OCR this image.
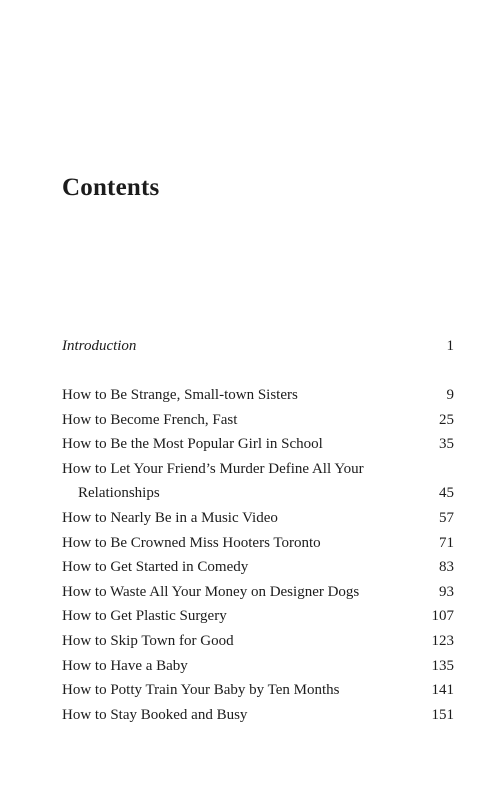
Contents
Introduction	1
How to Be Strange, Small-town Sisters	9
How to Become French, Fast	25
How to Be the Most Popular Girl in School	35
How to Let Your Friend’s Murder Define All Your
Relationships	45
How to Nearly Be in a Music Video	57
How to Be Crowned Miss Hooters Toronto	71
How to Get Started in Comedy	83
How to Waste All Your Money on Designer Dogs	93
How to Get Plastic Surgery	107
How to Skip Town for Good	123
How to Have a Baby	135
How to Potty Train Your Baby by Ten Months	141
How to Stay Booked and Busy	151
